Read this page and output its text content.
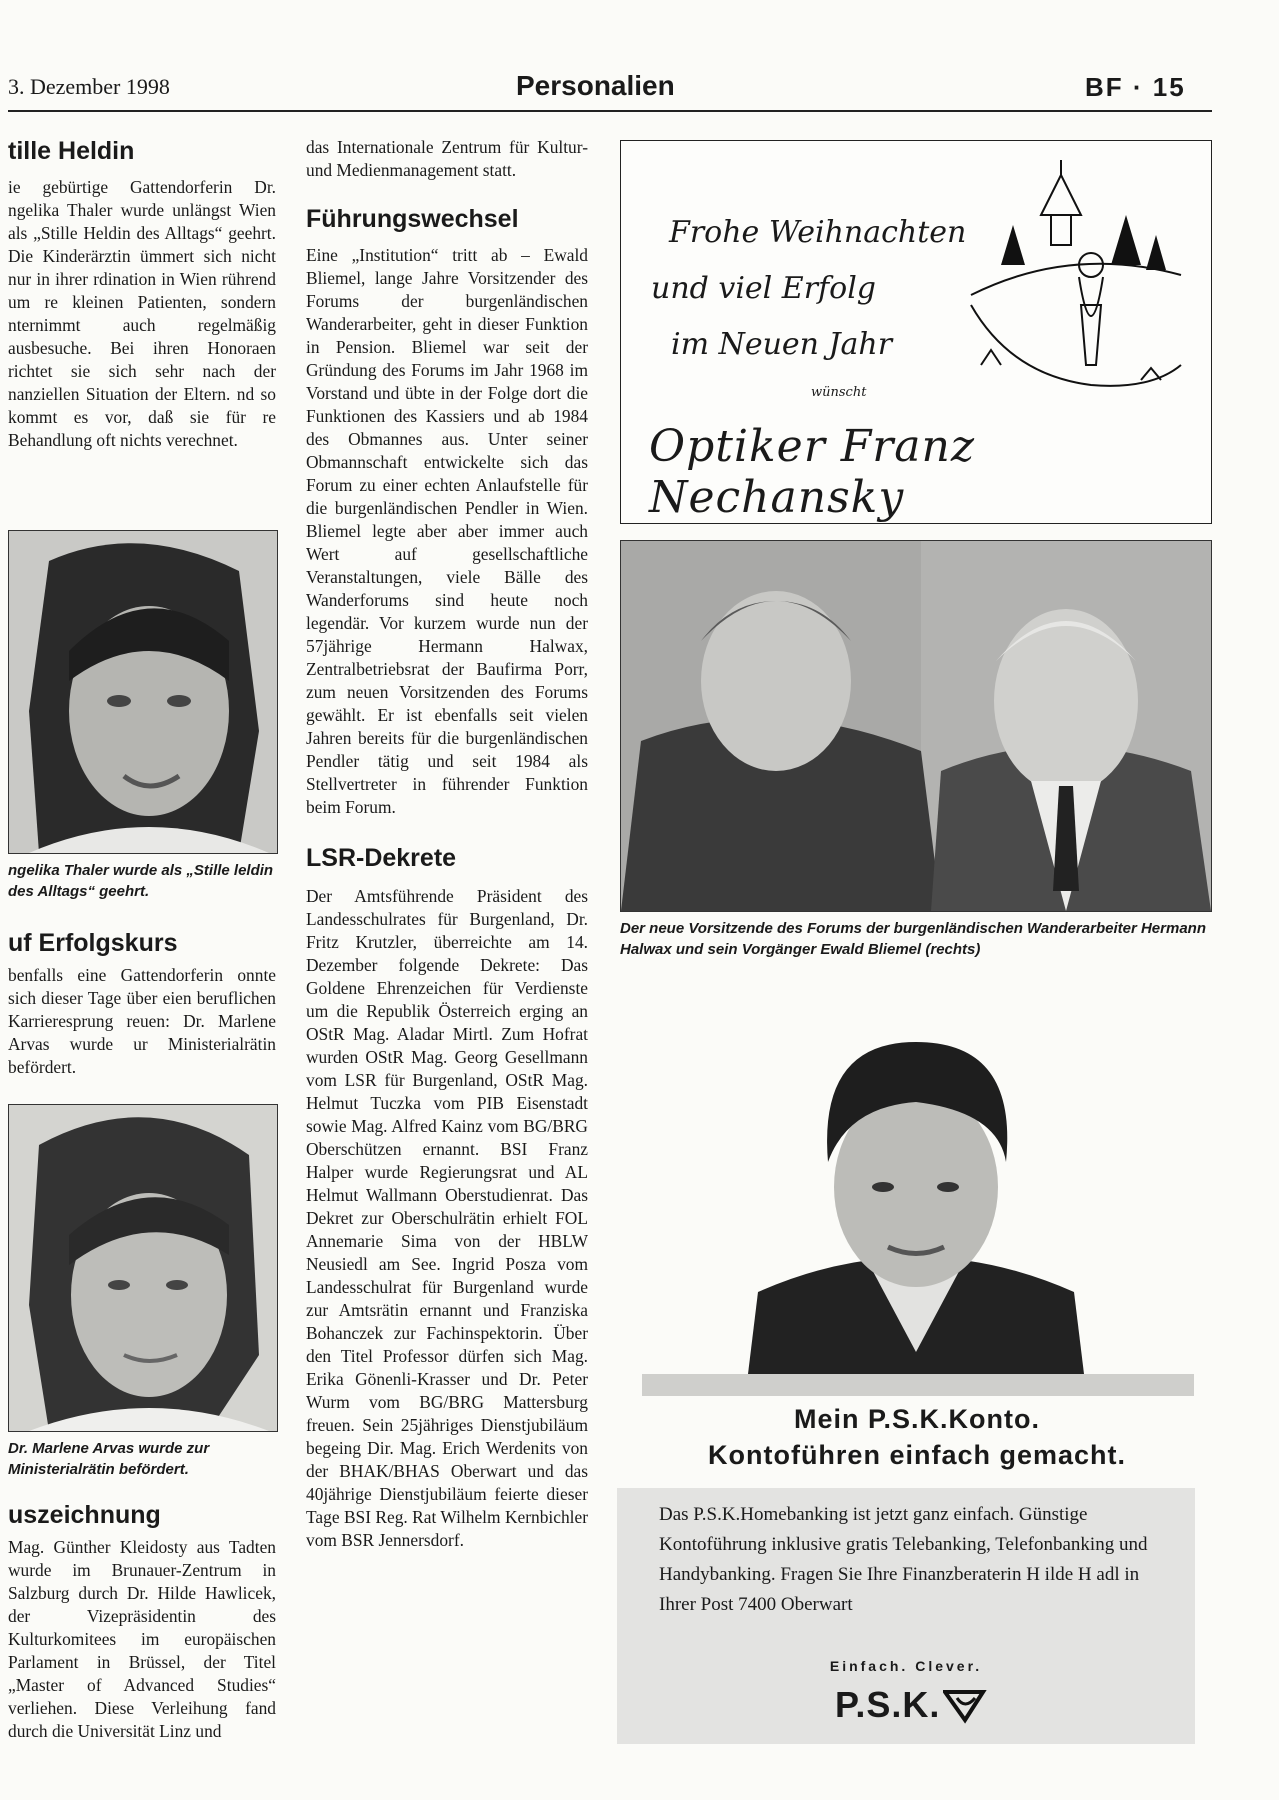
3. Dezember 1998	Personalien	BF · 15
tille Heldin

ie gebürtige Gattendorferin Dr. ngelika Thaler wurde unlängst Wien als „Stille Heldin des Alltags“ geehrt. Die Kinderärztin ümmert sich nicht nur in ihrer rdination in Wien rührend um re kleinen Patienten, sondern nternimmt auch regelmäßig ausbesuche. Bei ihren Honoraen richtet sie sich sehr nach der nanziellen Situation der Eltern. nd so kommt es vor, daß sie für re Behandlung oft nichts verechnet.

ngelika Thaler wurde als „Stille leldin des Alltags“ geehrt.
uf Erfolgskurs

benfalls eine Gattendorferin onnte sich dieser Tage über eien beruflichen Karrieresprung reuen: Dr. Marlene Arvas wurde ur Ministerialrätin befördert.

Dr. Marlene Arvas wurde zur Ministerialrätin befördert.
uszeichnung

Mag. Günther Kleidosty aus Tadten wurde im Brunauer-Zentrum in Salzburg durch Dr. Hilde Hawlicek, der Vizepräsidentin des Kulturkomitees im europäischen Parlament in Brüssel, der Titel „Master of Advanced Studies“ verliehen. Diese Verleihung fand durch die Universität Linz und

das Internationale Zentrum für Kultur- und Medienmanagement statt.

Führungswechsel

Eine „Institution“ tritt ab – Ewald Bliemel, lange Jahre Vorsitzender des Forums der burgenländischen Wanderarbeiter, geht in dieser Funktion in Pension. Bliemel war seit der Gründung des Forums im Jahr 1968 im Vorstand und übte in der Folge dort die Funktionen des Kassiers und ab 1984 des Obmannes aus. Unter seiner Obmannschaft entwickelte sich das Forum zu einer echten Anlaufstelle für die burgenländischen Pendler in Wien. Bliemel legte aber aber immer auch Wert auf gesellschaftliche Veranstaltungen, viele Bälle des Wanderforums sind heute noch legendär. Vor kurzem wurde nun der 57jährige Hermann Halwax, Zentralbetriebsrat der Baufirma Porr, zum neuen Vorsitzenden des Forums gewählt. Er ist ebenfalls seit vielen Jahren bereits für die burgenländischen Pendler tätig und seit 1984 als Stellvertreter in führender Funktion beim Forum.

LSR-Dekrete

Der Amtsführende Präsident des Landesschulrates für Burgenland, Dr. Fritz Krutzler, überreichte am 14. Dezember folgende Dekrete: Das Goldene Ehrenzeichen für Verdienste um die Republik Österreich erging an OStR Mag. Aladar Mirtl. Zum Hofrat wurden OStR Mag. Georg Gesellmann vom LSR für Burgenland, OStR Mag. Helmut Tuczka vom PIB Eisenstadt sowie Mag. Alfred Kainz vom BG/BRG Oberschützen ernannt. BSI Franz Halper wurde Regierungsrat und AL Helmut Wallmann Oberstudienrat. Das Dekret zur Oberschulrätin erhielt FOL Annemarie Sima von der HBLW Neusiedl am See. Ingrid Posza vom Landesschulrat für Burgenland wurde zur Amtsrätin ernannt und Franziska Bohanczek zur Fachinspektorin. Über den Titel Professor dürfen sich Mag. Erika Gönenli-Krasser und Dr. Peter Wurm vom BG/BRG Mattersburg freuen. Sein 25jähriges Dienstjubiläum begeing Dir. Mag. Erich Werdenits von der BHAK/BHAS Oberwart und das 40jährige Dienstjubiläum feierte dieser Tage BSI Reg. Rat Wilhelm Kernbichler vom BSR Jennersdorf.

Frohe Weihnachten
und viel Erfolg
im Neuen Jahr
wünscht
Optiker Franz Nechansky
Der neue Vorsitzende des Forums der burgenländischen Wanderarbeiter Hermann Halwax und sein Vorgänger Ewald Bliemel (rechts)
Mein P.S.K.Konto.
Kontoführen einfach gemacht.
Das P.S.K.Homebanking ist jetzt ganz einfach. Günstige Kontoführung inklusive gratis Telebanking, Telefonbanking und Handybanking. Fragen Sie Ihre Finanzberaterin H ilde H adl in Ihrer Post 7400 Oberwart
Einfach. Clever.
P.S.K.
